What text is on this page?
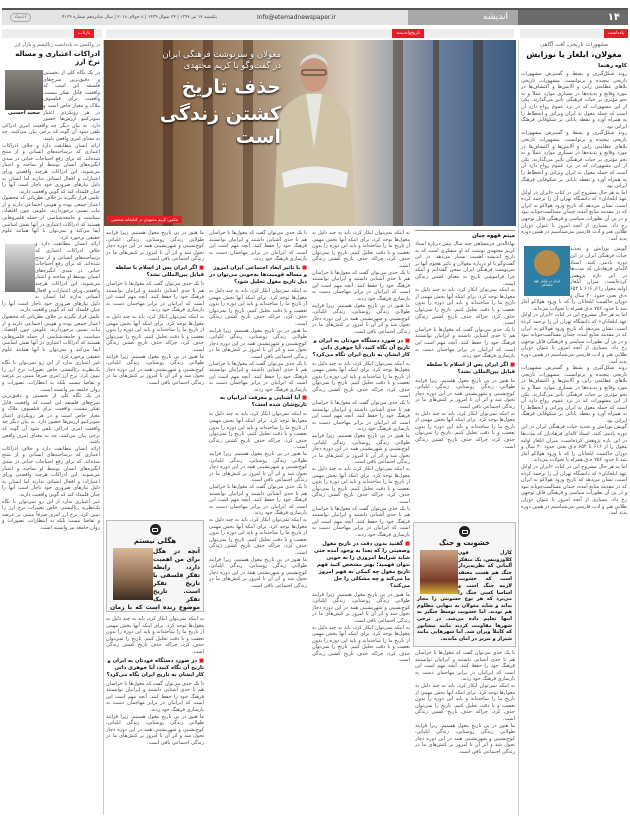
۱۴
اندیشه
Info@etemadnewspaper.ir
یکشنبه ۱۷ تیر ۱۳۹۷ | ۲۴ شوال ۱۴۳۹ | ۸ جولای ۲۰۱۸ | سال شانزدهم شماره ۴۱۲۹
اعتماد
یادداشت
تاریخ‌واندیشه
بازتاب
مغولان و سرنوشت فرهنگی ایران
در گفت‌وگو با کریم مجتهدی
حذف تاریخ
کشتن زندگی است
عکس: کریم مجتهدی در کتابخانه شخصی
مشهورات تاریخی، آفت آگاهی
مغولان، ایلغار یا نوزایش
کاوه رهنما

روند شکل‌گیری و بسط و گسترش مشهورات تاریخی پیچیده و پرتوانست. مشهورات تاریخی بلاهای عظامتی زایی و آلایش‌ها و اکتشاف‌ها در مورد وقایع و پدیده‌ها در بسیاری موارد عملاً و به نحو مؤثری بر حیات فرهنگی تأثیر می‌گذارند. یکی از این مشهورات که در نزد عموم رواج دارد آن است که حمله مغول به ایران ویرانی و انحطاط را به همراه آورد و نقطه پایانی بر شکوفایی فرهنگ ایرانی بود.

روند شکل‌گیری و بسط و گسترش مشهورات تاریخی پیچیده و پرتوانست. مشهورات تاریخی بلاهای عظامتی زایی و آلایش‌ها و اکتشاف‌ها در مورد وقایع و پدیده‌ها در بسیاری موارد عملاً و به نحو مؤثری بر حیات فرهنگی تأثیر می‌گذارند. یکی از این مشهورات که در نزد عموم رواج دارد آن است که حمله مغول به ایران ویرانی و انحطاط را به همراه آورد و نقطه پایانی بر شکوفایی فرهنگ ایرانی بود.

اما به هر حال مشروح این در کتاب «ایران در اوایل عهد ایلخانان» که دانشگاه تهران آن را ترجمه کرده است، نشان می‌دهد که تاریخ ورود هولاکو به ایران که در مقدمه منابع آمده، چندان مسالمت‌جویانه نبود و در پی آن تطورات سیاسی و فرهنگی قابل توجهی رخ داد. بسیاری از آنچه امروز با عنوان دوران طلایی هنر و ادب فارسی می‌شناسیم در همین دوره پدید آمد.

ایران در اوایل عهد ایلخانان

گویش نوزایش و تجدید حیات فرهنگی ایران در این دوره یادمی کنند. استاد لاله‌ای فرهادیان که مدت‌ها در این باره پژوهش کرده‌است، میزان ایلغار اولیه مغول را از ۶۱۶ تا ۶۵۴ ه.ق یعنی حدود ۴۰ سال و دوران حاکمیت ایلخانان را که با ورود هولاکو آغاز شد تا حدود ۷۵۶ ه.ق همراه با تحولات می‌داند.

اما به هر حال مشروح این در کتاب «ایران در اوایل عهد ایلخانان» که دانشگاه تهران آن را ترجمه کرده است، نشان می‌دهد که تاریخ ورود هولاکو به ایران که در مقدمه منابع آمده، چندان مسالمت‌جویانه نبود و در پی آن تطورات سیاسی و فرهنگی قابل توجهی رخ داد. بسیاری از آنچه امروز با عنوان دوران طلایی هنر و ادب فارسی می‌شناسیم در همین دوره پدید آمد.

روند شکل‌گیری و بسط و گسترش مشهورات تاریخی پیچیده و پرتوانست. مشهورات تاریخی بلاهای عظامتی زایی و آلایش‌ها و اکتشاف‌ها در مورد وقایع و پدیده‌ها در بسیاری موارد عملاً و به نحو مؤثری بر حیات فرهنگی تأثیر می‌گذارند. یکی از این مشهورات که در نزد عموم رواج دارد آن است که حمله مغول به ایران ویرانی و انحطاط را به همراه آورد و نقطه پایانی بر شکوفایی فرهنگ ایرانی بود.

گویش نوزایش و تجدید حیات فرهنگی ایران در این دوره یادمی کنند. استاد لاله‌ای فرهادیان که مدت‌ها در این باره پژوهش کرده‌است، میزان ایلغار اولیه مغول را از ۶۱۶ تا ۶۵۴ ه.ق یعنی حدود ۴۰ سال و دوران حاکمیت ایلخانان را که با ورود هولاکو آغاز شد تا حدود ۷۵۶ ه.ق همراه با تحولات می‌داند.

اما به هر حال مشروح این در کتاب «ایران در اوایل عهد ایلخانان» که دانشگاه تهران آن را ترجمه کرده است، نشان می‌دهد که تاریخ ورود هولاکو به ایران که در مقدمه منابع آمده، چندان مسالمت‌جویانه نبود و در پی آن تطورات سیاسی و فرهنگی قابل توجهی رخ داد. بسیاری از آنچه امروز با عنوان دوران طلایی هنر و ادب فارسی می‌شناسیم در همین دوره پدید آمد.

در واکنش به یادداشت رئالیسم و بازار ارز
ادراکات اعتباری و مساله نرخ ارز
سعید احسنی

در یک نگاه کلی از نخستین و دقیق‌ترین شرح‌های فلسفه این است که واقعیت قابل تفکر نیست، واقعیت برای فیلسوف ملاک و معیار خاص است و در هر رویکردی اعتبار سوبژکتیو ارزش‌ها حضور دارد. به بیان دیگر چه واقعیت امری ادراکی تلقی شود آن گونه که برخی بیان می‌کنند، چه به معنای امری واقعی باشد.

ارائه انسان مطابقت دارد و خلاف ادراکات اعتباری که برساخته‌های انسانی و از منتج شده‌اند. که برای رفع احتیاجات حیاتی در مبدی انگیزه‌های انسان توسط او ساخته و اعتبار می‌شوند. این ادراکات هرچند واقعیتی ورای اعتبارات و افعال انسانی ندارند اما انسان به دلیل نیازهای ضروری خود ناچار است آنها را چنان قلمداد کند که گویی واقعیت دارند.

علمی قرار بگیرند بر خلاف نظریاتی که محصول اعتبار جمعی بوده و هویتی اجتماعی دارند و از ثبات نسبی برخوردارند. علومی چون اقتصاد، سیاست و جامعه‌شناسی از جمله قلمروهایی هستند که ادراکات اعتباری در آنها نقش اساسی ایفا می‌کند و نمی‌توان با آنها همانند علوم حقیقی برخورد کرد.

ارائه انسان مطابقت دارد و خلاف ادراکات اعتباری که برساخته‌های انسانی و از منتج شده‌اند. که برای رفع احتیاجات حیاتی در مبدی انگیزه‌های انسان توسط او ساخته و اعتبار می‌شوند. این ادراکات هرچند واقعیتی ورای اعتبارات و افعال انسانی ندارند اما انسان به دلیل نیازهای ضروری خود ناچار است آنها را چنان قلمداد کند که گویی واقعیت دارند.

علمی قرار بگیرند بر خلاف نظریاتی که محصول اعتبار جمعی بوده و هویتی اجتماعی دارند و از ثبات نسبی برخوردارند. علومی چون اقتصاد، سیاست و جامعه‌شناسی از جمله قلمروهایی هستند که ادراکات اعتباری در آنها نقش اساسی ایفا می‌کند و نمی‌توان با آنها همانند علوم حقیقی برخورد کرد.

غیر اعتباری ندارد از این رو نمی‌توان با نگاه یک‌نظریه رئالیستی خاص تغییرات نرخ ارز را تبیین کرد. نرخ ارز امری صرفاً مبتنی بر عرضه و تقاضا نیست بلکه به انتظارات، تصورات و روان جامعه نیز وابسته است.

در یک نگاه کلی از نخستین و دقیق‌ترین شرح‌های فلسفه این است که واقعیت قابل تفکر نیست، واقعیت برای فیلسوف ملاک و معیار خاص است و در هر رویکردی اعتبار سوبژکتیو ارزش‌ها حضور دارد. به بیان دیگر چه واقعیت امری ادراکی تلقی شود آن گونه که برخی بیان می‌کنند، چه به معنای امری واقعی باشد.

ارائه انسان مطابقت دارد و خلاف ادراکات اعتباری که برساخته‌های انسانی و از منتج شده‌اند. که برای رفع احتیاجات حیاتی در مبدی انگیزه‌های انسان توسط او ساخته و اعتبار می‌شوند. این ادراکات هرچند واقعیتی ورای اعتبارات و افعال انسانی ندارند اما انسان به دلیل نیازهای ضروری خود ناچار است آنها را چنان قلمداد کند که گویی واقعیت دارند.

غیر اعتباری ندارد از این رو نمی‌توان با نگاه یک‌نظریه رئالیستی خاص تغییرات نرخ ارز را تبیین کرد. نرخ ارز امری صرفاً مبتنی بر عرضه و تقاضا نیست بلکه به انتظارات، تصورات و روان جامعه نیز وابسته است.

میثم قهوه چیان

بهاءالدین خرمشاهی چند سال پیش درباره استاد کریم مجتهدی نوشت که او متفکری است که به تاریخ اندیشه اهمیت بسیار می‌دهد. در این گفت‌وگو با او درباره مغولان و تاثیر هجوم آنها بر سرنوشت فرهنگی ایران سخن گفته‌ایم و اینکه چرا فراموشی تاریخ به معنای کشتن زندگی است.

نه اینکه نمی‌توان انکار کرد، باید به چند دلیل به مغول‌ها توجه کرد. برای اینکه آنها بخش مهمی از تاریخ ما را ساخته‌اند و باید این دوره را بدون تعصب و با دقت تحلیل کنیم. تاریخ را نمی‌توان حذف کرد، چراکه حذف تاریخ کشتن زندگی است.

تا یک حدی می‌توان گفت که مغول‌ها با خراسان هم تا حدی آشنایی داشتند و ایرانیان توانستند فرهنگ خود را حفظ کنند. آنچه مهم است این است که ایرانیان در برابر مهاجمان دست به بازسازی فرهنگ خود زدند.

■ اگر ایران پس از اسلام با سلطه قبایل بین‌المللی نشد؟

ما هنوز در پی تاریخ مغول هستیم. زیرا فرایند طولانی زندگی روستایی، زندگی ایلیاتی، کوچ‌نشینی و شهرنشینی همه در این دوره دچار تحول شد و اثر آن تا امروز بر کنش‌های ما در زندگی اجتماعی باقی است.

نه اینکه نمی‌توان انکار کرد، باید به چند دلیل به مغول‌ها توجه کرد. برای اینکه آنها بخش مهمی از تاریخ ما را ساخته‌اند و باید این دوره را بدون تعصب و با دقت تحلیل کنیم. تاریخ را نمی‌توان حذف کرد، چراکه حذف تاریخ کشتن زندگی است.

خشونت و جنگ

کارل فون کلاوزویتس، یک متفکر آلمانی که نظریه‌پرداز جنگ هم هست معتقد است که خشونت لازمه جنگ است و اساسا کسی جنگ را می‌برد که هر نوع خشونتی را مجاز بداند و شاید مغولان به تنهایی مظلوم هم بودند. اما خشونت توسط چنگیز به اینها تعلیم داده می‌شد. در برخی شهرها مقاومت کردند مانند نیشابور که کاملاً ویران شد. اما شهرهایی مانند شیراز و تبریز در امان ماندند.

تا یک حدی می‌توان گفت که مغول‌ها با خراسان هم تا حدی آشنایی داشتند و ایرانیان توانستند فرهنگ خود را حفظ کنند. آنچه مهم است این است که ایرانیان در برابر مهاجمان دست به بازسازی فرهنگ خود زدند.

نه اینکه نمی‌توان انکار کرد، باید به چند دلیل به مغول‌ها توجه کرد. برای اینکه آنها بخش مهمی از تاریخ ما را ساخته‌اند و باید این دوره را بدون تعصب و با دقت تحلیل کنیم. تاریخ را نمی‌توان حذف کرد، چراکه حذف تاریخ کشتن زندگی است.

ما هنوز در پی تاریخ مغول هستیم. زیرا فرایند طولانی زندگی روستایی، زندگی ایلیاتی، کوچ‌نشینی و شهرنشینی همه در این دوره دچار تحول شد و اثر آن تا امروز بر کنش‌های ما در زندگی اجتماعی باقی است.

نه اینکه نمی‌توان انکار کرد، باید به چند دلیل به مغول‌ها توجه کرد. برای اینکه آنها بخش مهمی از تاریخ ما را ساخته‌اند و باید این دوره را بدون تعصب و با دقت تحلیل کنیم. تاریخ را نمی‌توان حذف کرد، چراکه حذف تاریخ کشتن زندگی است.

تا یک حدی می‌توان گفت که مغول‌ها با خراسان هم تا حدی آشنایی داشتند و ایرانیان توانستند فرهنگ خود را حفظ کنند. آنچه مهم است این است که ایرانیان در برابر مهاجمان دست به بازسازی فرهنگ خود زدند.

ما هنوز در پی تاریخ مغول هستیم. زیرا فرایند طولانی زندگی روستایی، زندگی ایلیاتی، کوچ‌نشینی و شهرنشینی همه در این دوره دچار تحول شد و اثر آن تا امروز بر کنش‌های ما در زندگی اجتماعی باقی است.

■ در صورد دستگاه خودتان به ایران و تاریخ آن نگاه کنید، آیا جوهری ذاتی کار ایشان به تاریخ ایران نگاه می‌کرد؟

نه اینکه نمی‌توان انکار کرد، باید به چند دلیل به مغول‌ها توجه کرد. برای اینکه آنها بخش مهمی از تاریخ ما را ساخته‌اند و باید این دوره را بدون تعصب و با دقت تحلیل کنیم. تاریخ را نمی‌توان حذف کرد، چراکه حذف تاریخ کشتن زندگی است.

تا یک حدی می‌توان گفت که مغول‌ها با خراسان هم تا حدی آشنایی داشتند و ایرانیان توانستند فرهنگ خود را حفظ کنند. آنچه مهم است این است که ایرانیان در برابر مهاجمان دست به بازسازی فرهنگ خود زدند.

ما هنوز در پی تاریخ مغول هستیم. زیرا فرایند طولانی زندگی روستایی، زندگی ایلیاتی، کوچ‌نشینی و شهرنشینی همه در این دوره دچار تحول شد و اثر آن تا امروز بر کنش‌های ما در زندگی اجتماعی باقی است.

نه اینکه نمی‌توان انکار کرد، باید به چند دلیل به مغول‌ها توجه کرد. برای اینکه آنها بخش مهمی از تاریخ ما را ساخته‌اند و باید این دوره را بدون تعصب و با دقت تحلیل کنیم. تاریخ را نمی‌توان حذف کرد، چراکه حذف تاریخ کشتن زندگی است.

تا یک حدی می‌توان گفت که مغول‌ها با خراسان هم تا حدی آشنایی داشتند و ایرانیان توانستند فرهنگ خود را حفظ کنند. آنچه مهم است این است که ایرانیان در برابر مهاجمان دست به بازسازی فرهنگ خود زدند.

■ گفتید بدون دقت در تاریخ مغول وضعیتی را که بعدا به وجود آمده حتی شاید شرایط امروزی را به خوبی نتوان فهمید؛ بهتر مشخص کنید فهم تاریخ مغول چه کمکی به فهم امروز ما می‌کند و چه مشکلی را حل می‌کند؟

ما هنوز در پی تاریخ مغول هستیم. زیرا فرایند طولانی زندگی روستایی، زندگی ایلیاتی، کوچ‌نشینی و شهرنشینی همه در این دوره دچار تحول شد و اثر آن تا امروز بر کنش‌های ما در زندگی اجتماعی باقی است.

نه اینکه نمی‌توان انکار کرد، باید به چند دلیل به مغول‌ها توجه کرد. برای اینکه آنها بخش مهمی از تاریخ ما را ساخته‌اند و باید این دوره را بدون تعصب و با دقت تحلیل کنیم. تاریخ را نمی‌توان حذف کرد، چراکه حذف تاریخ کشتن زندگی است.

تا یک حدی می‌توان گفت که مغول‌ها با خراسان هم تا حدی آشنایی داشتند و ایرانیان توانستند فرهنگ خود را حفظ کنند. آنچه مهم است این است که ایرانیان در برابر مهاجمان دست به بازسازی فرهنگ خود زدند.

■ با تاثیر ابعاد اجتماعی ایران امروز و مساله قومیت‌ها به‌خوبی می‌توان در ذیل تاریخ مغول تحلیل شود؟

نه اینکه نمی‌توان انکار کرد، باید به چند دلیل به مغول‌ها توجه کرد. برای اینکه آنها بخش مهمی از تاریخ ما را ساخته‌اند و باید این دوره را بدون تعصب و با دقت تحلیل کنیم. تاریخ را نمی‌توان حذف کرد، چراکه حذف تاریخ کشتن زندگی است.

ما هنوز در پی تاریخ مغول هستیم. زیرا فرایند طولانی زندگی روستایی، زندگی ایلیاتی، کوچ‌نشینی و شهرنشینی همه در این دوره دچار تحول شد و اثر آن تا امروز بر کنش‌های ما در زندگی اجتماعی باقی است.

تا یک حدی می‌توان گفت که مغول‌ها با خراسان هم تا حدی آشنایی داشتند و ایرانیان توانستند فرهنگ خود را حفظ کنند. آنچه مهم است این است که ایرانیان در برابر مهاجمان دست به بازسازی فرهنگ خود زدند.

■ آیا آشنایی و معرفت ایرانیان به تاریخ‌شان شده است؟

نه اینکه نمی‌توان انکار کرد، باید به چند دلیل به مغول‌ها توجه کرد. برای اینکه آنها بخش مهمی از تاریخ ما را ساخته‌اند و باید این دوره را بدون تعصب و با دقت تحلیل کنیم. تاریخ را نمی‌توان حذف کرد، چراکه حذف تاریخ کشتن زندگی است.

ما هنوز در پی تاریخ مغول هستیم. زیرا فرایند طولانی زندگی روستایی، زندگی ایلیاتی، کوچ‌نشینی و شهرنشینی همه در این دوره دچار تحول شد و اثر آن تا امروز بر کنش‌های ما در زندگی اجتماعی باقی است.

تا یک حدی می‌توان گفت که مغول‌ها با خراسان هم تا حدی آشنایی داشتند و ایرانیان توانستند فرهنگ خود را حفظ کنند. آنچه مهم است این است که ایرانیان در برابر مهاجمان دست به بازسازی فرهنگ خود زدند.

نه اینکه نمی‌توان انکار کرد، باید به چند دلیل به مغول‌ها توجه کرد. برای اینکه آنها بخش مهمی از تاریخ ما را ساخته‌اند و باید این دوره را بدون تعصب و با دقت تحلیل کنیم. تاریخ را نمی‌توان حذف کرد، چراکه حذف تاریخ کشتن زندگی است.

ما هنوز در پی تاریخ مغول هستیم. زیرا فرایند طولانی زندگی روستایی، زندگی ایلیاتی، کوچ‌نشینی و شهرنشینی همه در این دوره دچار تحول شد و اثر آن تا امروز بر کنش‌های ما در زندگی اجتماعی باقی است.

ما هنوز در پی تاریخ مغول هستیم. زیرا فرایند طولانی زندگی روستایی، زندگی ایلیاتی، کوچ‌نشینی و شهرنشینی همه در این دوره دچار تحول شد و اثر آن تا امروز بر کنش‌های ما در زندگی اجتماعی باقی است.

■ اگر ایران پس از اسلام با سلطه قبایل بین‌المللی نشد؟

تا یک حدی می‌توان گفت که مغول‌ها با خراسان هم تا حدی آشنایی داشتند و ایرانیان توانستند فرهنگ خود را حفظ کنند. آنچه مهم است این است که ایرانیان در برابر مهاجمان دست به بازسازی فرهنگ خود زدند.

نه اینکه نمی‌توان انکار کرد، باید به چند دلیل به مغول‌ها توجه کرد. برای اینکه آنها بخش مهمی از تاریخ ما را ساخته‌اند و باید این دوره را بدون تعصب و با دقت تحلیل کنیم. تاریخ را نمی‌توان حذف کرد، چراکه حذف تاریخ کشتن زندگی است.

ما هنوز در پی تاریخ مغول هستیم. زیرا فرایند طولانی زندگی روستایی، زندگی ایلیاتی، کوچ‌نشینی و شهرنشینی همه در این دوره دچار تحول شد و اثر آن تا امروز بر کنش‌های ما در زندگی اجتماعی باقی است.

هگلی نیستم

آنچه در هگل برای من اهمیت دارد، رابطه تفکر فلسفی با تاریخ تفکر است. تاریخ تفکر یک موضوع زنده است که با زمان

نه اینکه نمی‌توان انکار کرد، باید به چند دلیل به مغول‌ها توجه کرد. برای اینکه آنها بخش مهمی از تاریخ ما را ساخته‌اند و باید این دوره را بدون تعصب و با دقت تحلیل کنیم. تاریخ را نمی‌توان حذف کرد، چراکه حذف تاریخ کشتن زندگی است.

■ در صورد دستگاه خودتان به ایران و تاریخ آن نگاه کنید، آیا جوهری ذاتی کار ایشان به تاریخ ایران نگاه می‌کرد؟

تا یک حدی می‌توان گفت که مغول‌ها با خراسان هم تا حدی آشنایی داشتند و ایرانیان توانستند فرهنگ خود را حفظ کنند. آنچه مهم است این است که ایرانیان در برابر مهاجمان دست به بازسازی فرهنگ خود زدند.

ما هنوز در پی تاریخ مغول هستیم. زیرا فرایند طولانی زندگی روستایی، زندگی ایلیاتی، کوچ‌نشینی و شهرنشینی همه در این دوره دچار تحول شد و اثر آن تا امروز بر کنش‌های ما در زندگی اجتماعی باقی است.
